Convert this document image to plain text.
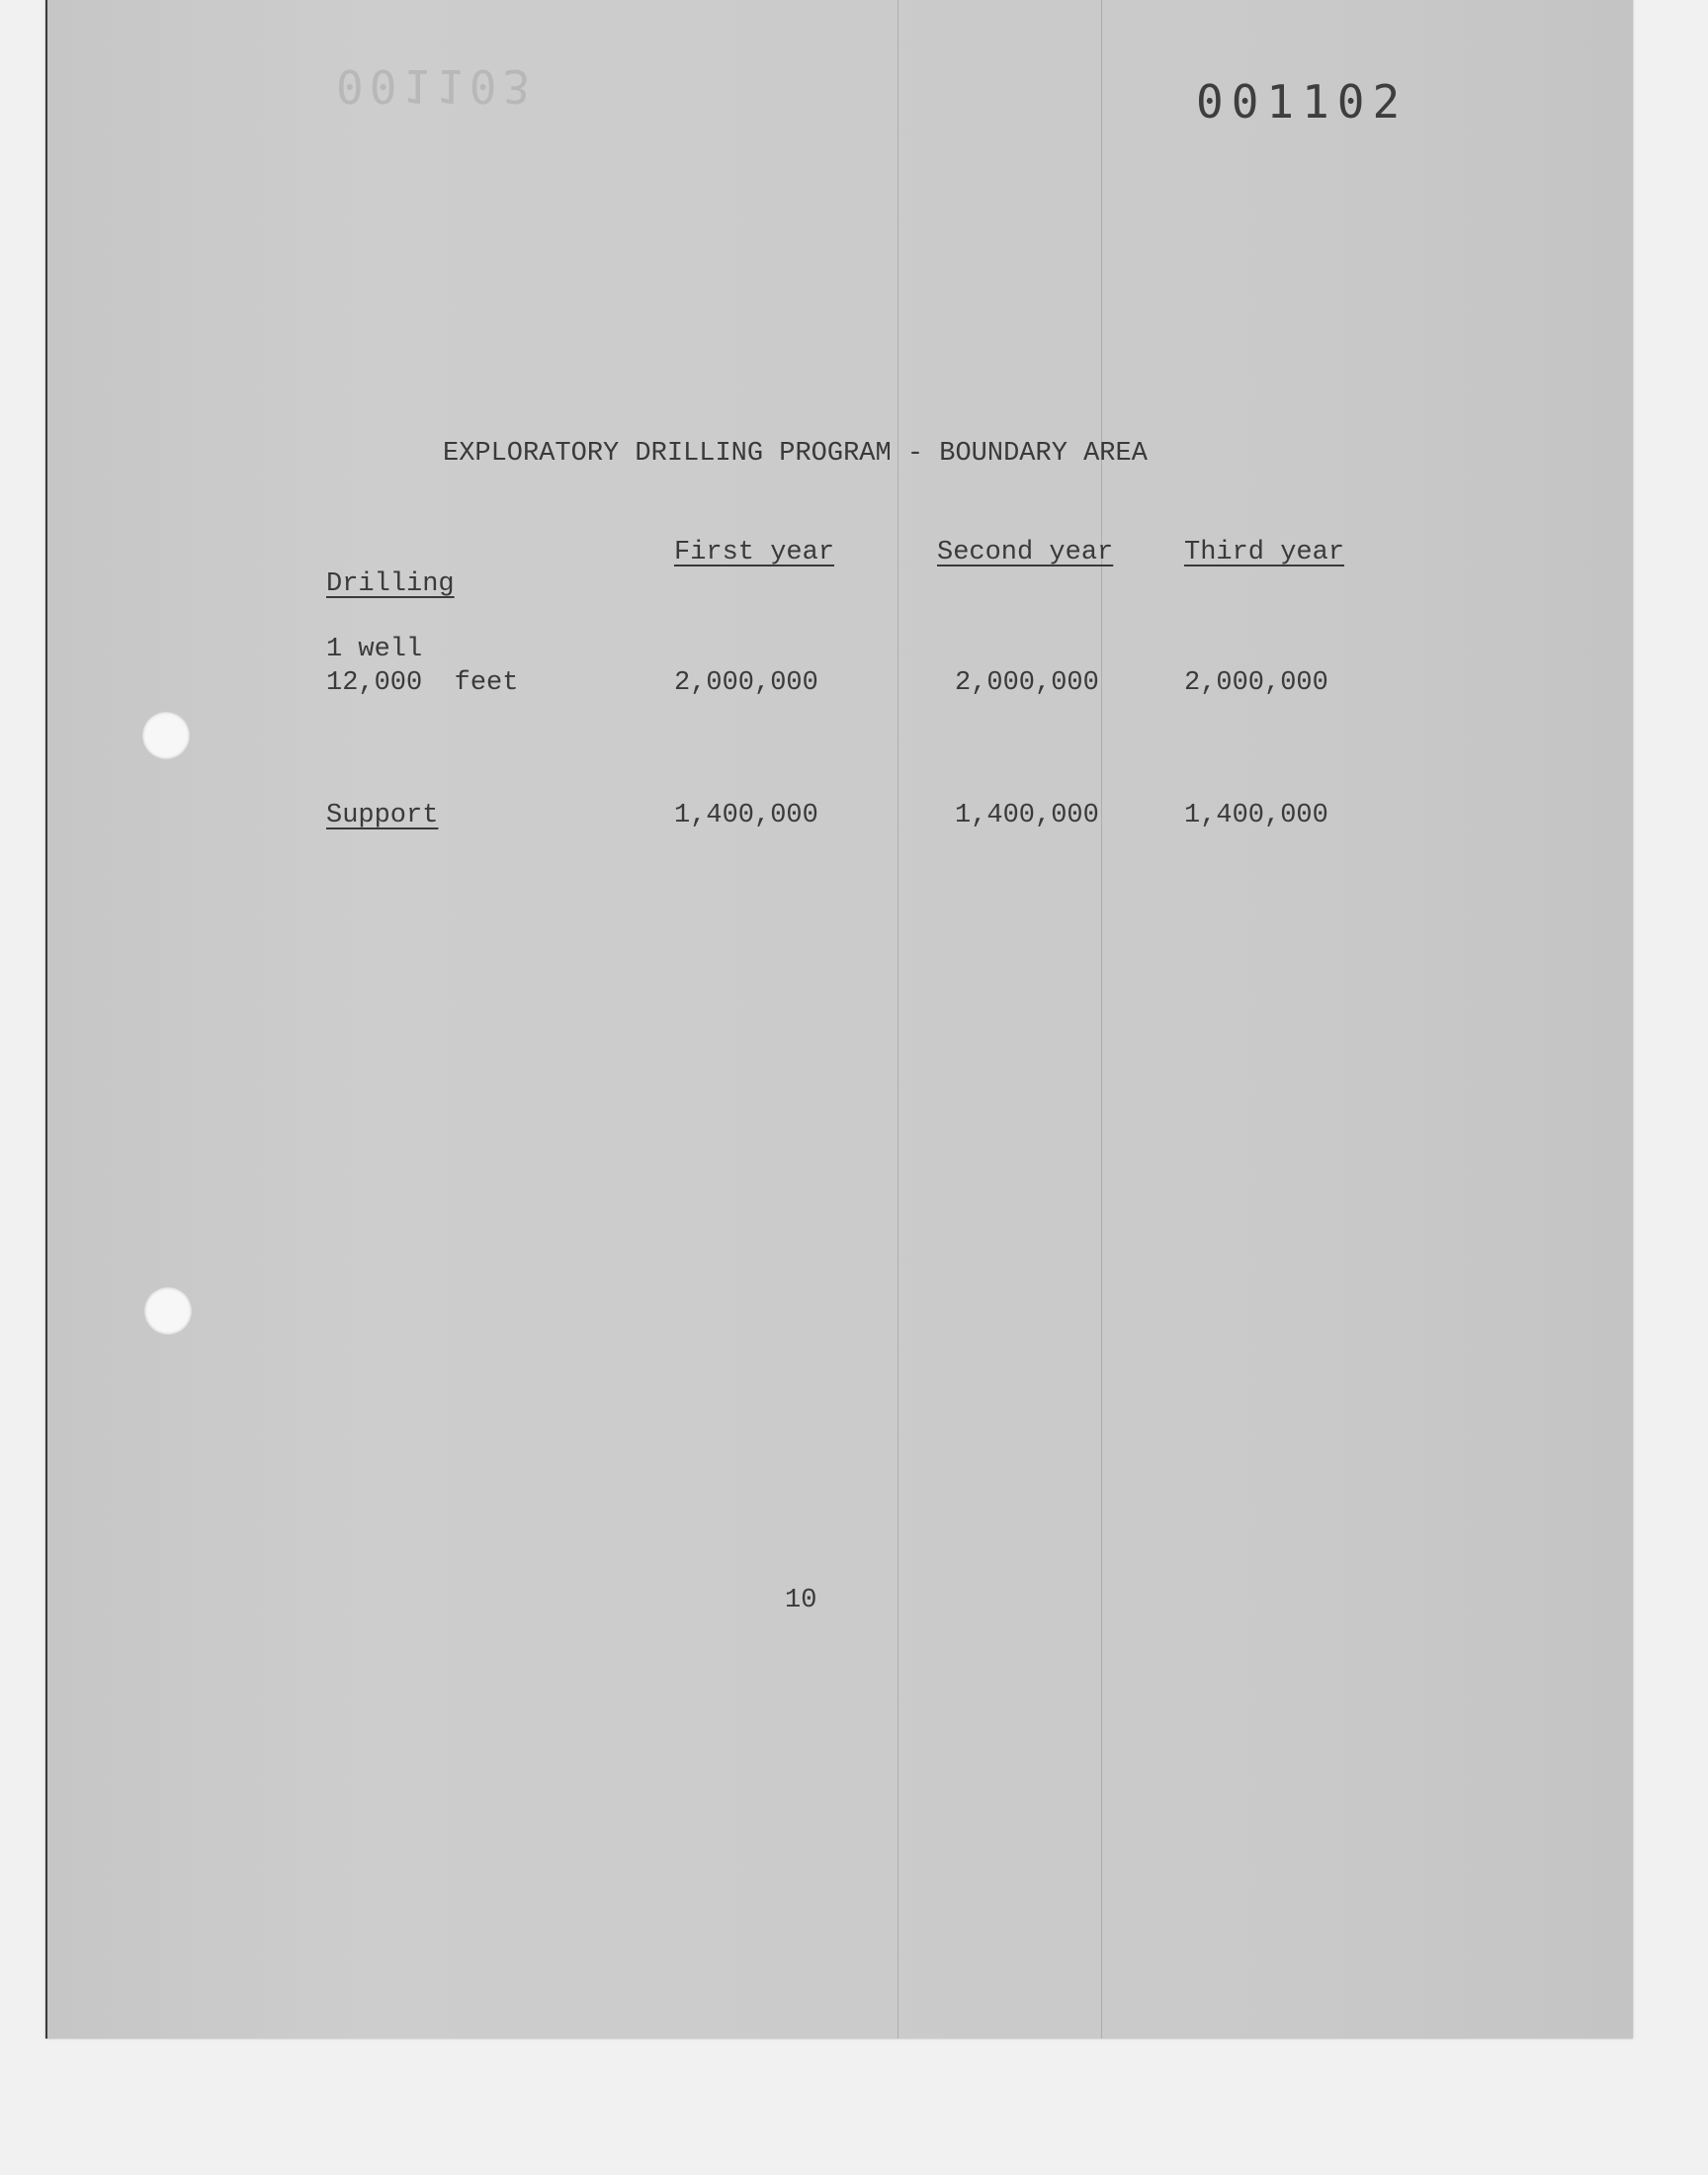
001103	001102
EXPLORATORY DRILLING PROGRAM - BOUNDARY AREA
First year	Second year	Third year
Drilling
1 well
12,000  feet	2,000,000	2,000,000	2,000,000
Support	1,400,000	1,400,000	1,400,000
10
